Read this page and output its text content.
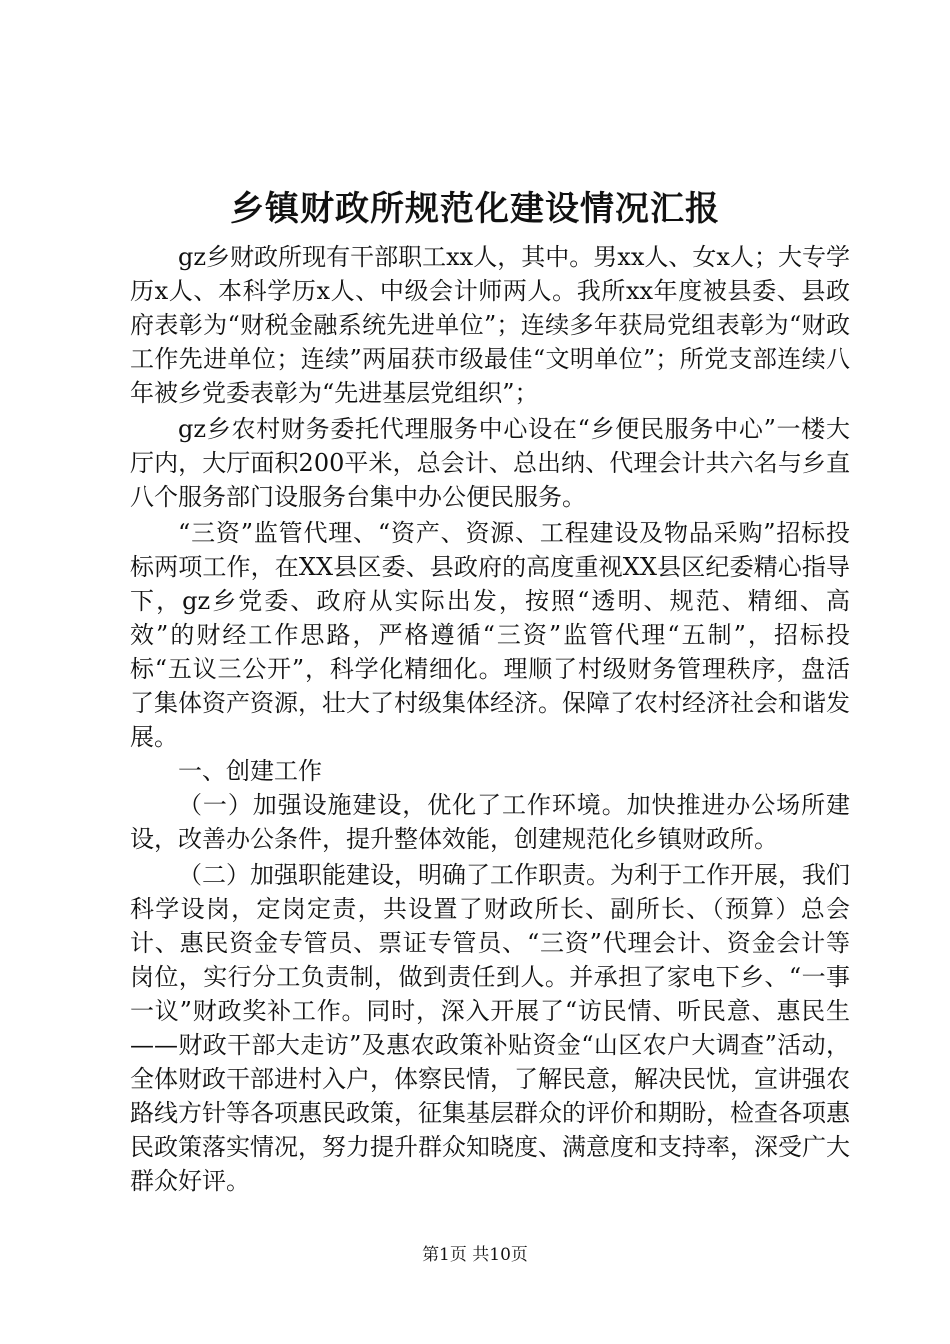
乡镇财政所规范化建设情况汇报

gz乡财政所现有干部职工xx人，其中。男xx人、女x人；大专学历x人、本科学历x人、中级会计师两人。我所xx年度被县委、县政府表彰为“财税金融系统先进单位”；连续多年获局党组表彰为“财政工作先进单位；连续”两届获市级最佳“文明单位”；所党支部连续八年被乡党委表彰为“先进基层党组织”；

gz乡农村财务委托代理服务中心设在“乡便民服务中心”一楼大厅内，大厅面积200平米，总会计、总出纳、代理会计共六名与乡直八个服务部门设服务台集中办公便民服务。

“三资”监管代理、“资产、资源、工程建设及物品采购”招标投标两项工作，在XX县区委、县政府的高度重视XX县区纪委精心指导下，gz乡党委、政府从实际出发，按照“透明、规范、精细、高效”的财经工作思路，严格遵循“三资”监管代理“五制”，招标投标“五议三公开”，科学化精细化。理顺了村级财务管理秩序，盘活了集体资产资源，壮大了村级集体经济。保障了农村经济社会和谐发展。

一、创建工作

（一）加强设施建设，优化了工作环境。加快推进办公场所建设，改善办公条件，提升整体效能，创建规范化乡镇财政所。

（二）加强职能建设，明确了工作职责。为利于工作开展，我们科学设岗，定岗定责，共设置了财政所长、副所长、（预算）总会计、惠民资金专管员、票证专管员、“三资”代理会计、资金会计等岗位，实行分工负责制，做到责任到人。并承担了家电下乡、“一事一议”财政奖补工作。同时，深入开展了“访民情、听民意、惠民生——财政干部大走访”及惠农政策补贴资金“山区农户大调查”活动，全体财政干部进村入户，体察民情，了解民意，解决民忧，宣讲强农路线方针等各项惠民政策，征集基层群众的评价和期盼，检查各项惠民政策落实情况，努力提升群众知晓度、满意度和支持率，深受广大群众好评。

第1页 共10页
